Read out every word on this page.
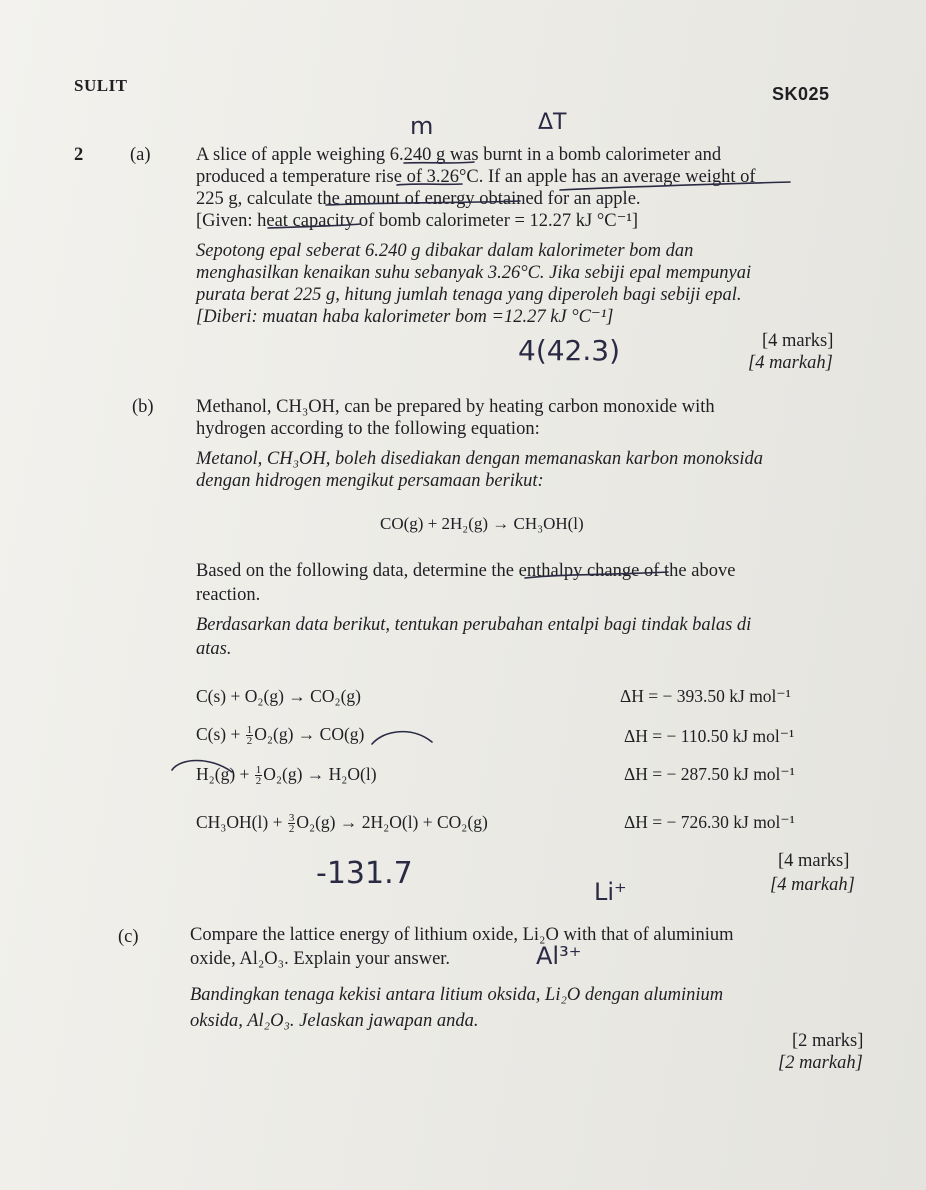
SULIT	SK025
2	(a) A slice of apple weighing 6.240 g was burnt in a bomb calorimeter and
produced a temperature rise of 3.26°C. If an apple has an average weight of
225 g, calculate the amount of energy obtained for an apple.
[Given: heat capacity of bomb calorimeter = 12.27 kJ °C⁻¹]
Sepotong epal seberat 6.240 g dibakar dalam kalorimeter bom dan
menghasilkan kenaikan suhu sebanyak 3.26°C. Jika sebiji epal mempunyai
purata berat 225 g, hitung jumlah tenaga yang diperoleh bagi sebiji epal.
[Diberi: muatan haba kalorimeter bom =12.27 kJ °C⁻¹]
[4 marks]
[4 markah]
m	ΔT
4(42.3)
(b) Methanol, CH₃OH, can be prepared by heating carbon monoxide with
hydrogen according to the following equation:
Metanol, CH₃OH, boleh disediakan dengan memanaskan karbon monoksida
dengan hidrogen mengikut persamaan berikut:
CO(g) + 2H₂(g) → CH₃OH(l)
Based on the following data, determine the enthalpy change of the above
reaction.
Berdasarkan data berikut, tentukan perubahan entalpi bagi tindak balas di
atas.
C(s) + O₂(g) → CO₂(g)	ΔH = − 393.50 kJ mol⁻¹
$C(s) + \frac{1}{2} O_2(g) \to CO(g)$	ΔH = − 110.50 kJ mol⁻¹
$H_2(g) + \frac{1}{2} O_2(g) \to H_2O(l)$	ΔH = − 287.50 kJ mol⁻¹
$CH_3OH(l) + \frac{3}{2} O_2(g) \to 2H_2O(l) + CO_2(g)$	ΔH = − 726.30 kJ mol⁻¹
[4 marks]
[4 markah]
-131.7
Li⁺
(c)	Compare the lattice energy of lithium oxide, Li₂O with that of aluminium
oxide, Al₂O₃. Explain your answer.	Al³⁺
Bandingkan tenaga kekisi antara litium oksida, Li₂O dengan aluminium
oksida, Al₂O₃. Jelaskan jawapan anda.
[2 marks]
[2 markah]
